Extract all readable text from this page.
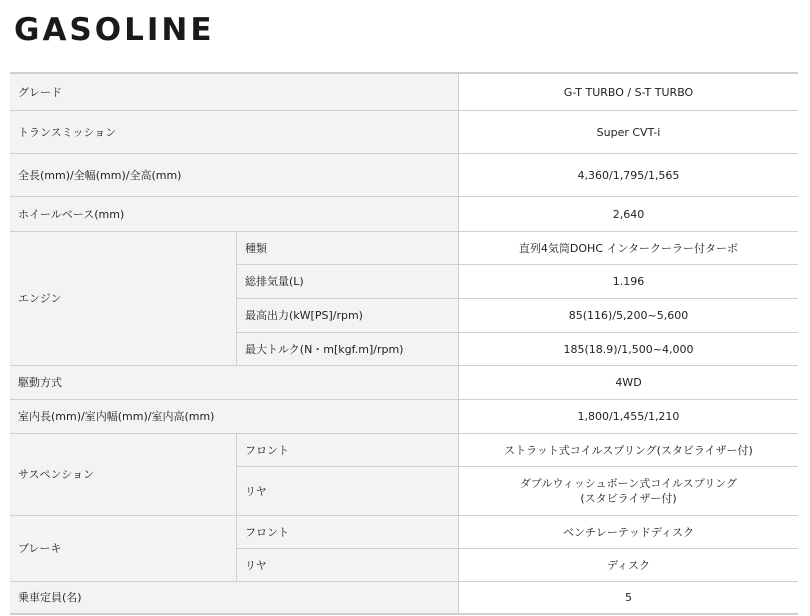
GASOLINE
グレード		G-T TURBO / S-T TURBO
トランスミッション		Super CVT-i
全長(mm)/全幅(mm)/全高(mm)		4,360/1,795/1,565
ホイールベース(mm)		2,640
エンジン	種類	直列4気筒DOHC インタークーラー付ターボ
	総排気量(L)	1.196
	最高出力(kW[PS]/rpm)	85(116)/5,200~5,600
	最大トルク(N・m[kgf.m]/rpm)	185(18.9)/1,500~4,000
駆動方式		4WD
室内長(mm)/室内幅(mm)/室内高(mm)		1,800/1,455/1,210
サスペンション	フロント	ストラット式コイルスプリング(スタビライザー付)
	リヤ	ダブルウィッシュボーン式コイルスプリング
(スタビライザー付)

ブレーキ	フロント	ベンチレーテッドディスク
	リヤ	ディスク
乗車定員(名)		5
